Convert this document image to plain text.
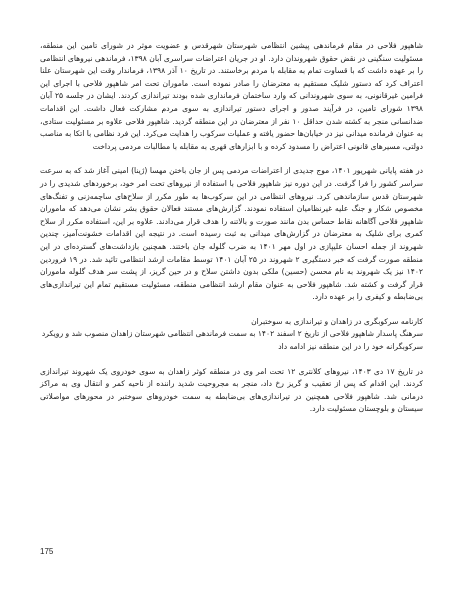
شاهپور فلاحی در مقام فرماندهی پیشین انتظامی شهرستان شهرقدس و عضویت موثر در شورای تامین این منطقه، مسئولیت سنگینی در نقض حقوق شهروندان دارد. او در جریان اعتراضات سراسری آبان ۱۳۹۸، فرماندهی نیروهای انتظامی را بر عهده داشت که با قساوت تمام به مقابله با مردم برخاستند. در تاریخ ۱۰ آذر ۱۳۹۸، فرماندار وقت این شهرستان علنا اعتراف کرد که دستور شلیک مستقیم به معترضان را صادر نموده است. ماموران تحت امر شاهپور فلاحی با اجرای این فرامین غیرقانونی، به سوی شهروندانی که وارد ساختمان فرمانداری شده بودند تیراندازی کردند. ایشان در جلسه ۲۵ آبان ۱۳۹۸ شورای تامین، در فرآیند صدور و اجرای دستور تیراندازی به سوی مردم مشارکت فعال داشت. این اقدامات ضدانسانی منجر به کشته شدن حداقل ۱۰ نفر از معترضان در این منطقه گردید. شاهپور فلاحی علاوه بر مسئولیت ستادی، به عنوان فرمانده میدانی نیز در خیابان‌ها حضور یافته و عملیات سرکوب را هدایت می‌کرد. این فرد نظامی با اتکا به مناصب دولتی، مسیرهای قانونی اعتراض را مسدود کرده و با ابزارهای قهری به مقابله با مطالبات مردمی پرداخت

در هفته پایانی شهریور ۱۴۰۱، موج جدیدی از اعتراضات مردمی پس از جان باختن مهسا (ژینا) امینی آغاز شد که به سرعت سراسر کشور را فرا گرفت. در این دوره نیز شاهپور فلاحی با استفاده از نیروهای تحت امر خود، برخوردهای شدیدی را در شهرستان قدس سازماندهی کرد. نیروهای انتظامی در این سرکوب‌ها به طور مکرر از سلاح‌های ساچمه‌زنی و تفنگ‌های مخصوص شکار و جنگ علیه غیرنظامیان استفاده نمودند. گزارش‌های مستند فعالان حقوق بشر نشان می‌دهد که ماموران شاهپور فلاحی آگاهانه نقاط حساس بدن مانند صورت و بالاتنه را هدف قرار می‌دادند. علاوه بر این، استفاده مکرر از سلاح کمری برای شلیک به معترضان در گزارش‌های میدانی به ثبت رسیده است. در نتیجه این اقدامات خشونت‌آمیز، چندین شهروند از جمله احسان علیپازی در اول مهر ۱۴۰۱ به ضرب گلوله جان باختند. همچنین بازداشت‌های گسترده‌ای در این منطقه صورت گرفت که خبر دستگیری ۲ شهروند در ۲۵ آبان ۱۴۰۱ توسط مقامات ارشد انتظامی تائید شد. در ۱۹ فروردین ۱۴۰۲ نیز یک شهروند به نام محسن (حسین) ملکی بدون داشتن سلاح و در حین گریز، از پشت سر هدف گلوله ماموران قرار گرفت و کشته شد. شاهپور فلاحی به عنوان مقام ارشد انتظامی منطقه، مسئولیت مستقیم تمام این تیراندازی‌های بی‌ضابطه و کیفری را بر عهده دارد.

کارنامه سرکوبگری در زاهدان و تیراندازی به سوختبران

سرهنگ پاسدار شاهپور فلاحی از تاریخ ۲ اسفند ۱۴۰۲ به سمت فرماندهی انتظامی شهرستان زاهدان منصوب شد و رویکرد سرکوبگرانه خود را در این منطقه نیز ادامه داد

در تاریخ ۱۷ دی ۱۴۰۳، نیروهای کلانتری ۱۲ تحت امر وی در منطقه کوثر زاهدان به سوی خودروی یک شهروند تیراندازی کردند. این اقدام که پس از تعقیب و گریز رخ داد، منجر به مجروحیت شدید راننده از ناحیه کمر و انتقال وی به مراکز درمانی شد. شاهپور فلاحی همچنین در تیراندازی‌های بی‌ضابطه به سمت خودروهای سوختبر در محورهای مواصلاتی سیستان و بلوچستان مسئولیت دارد.

175
